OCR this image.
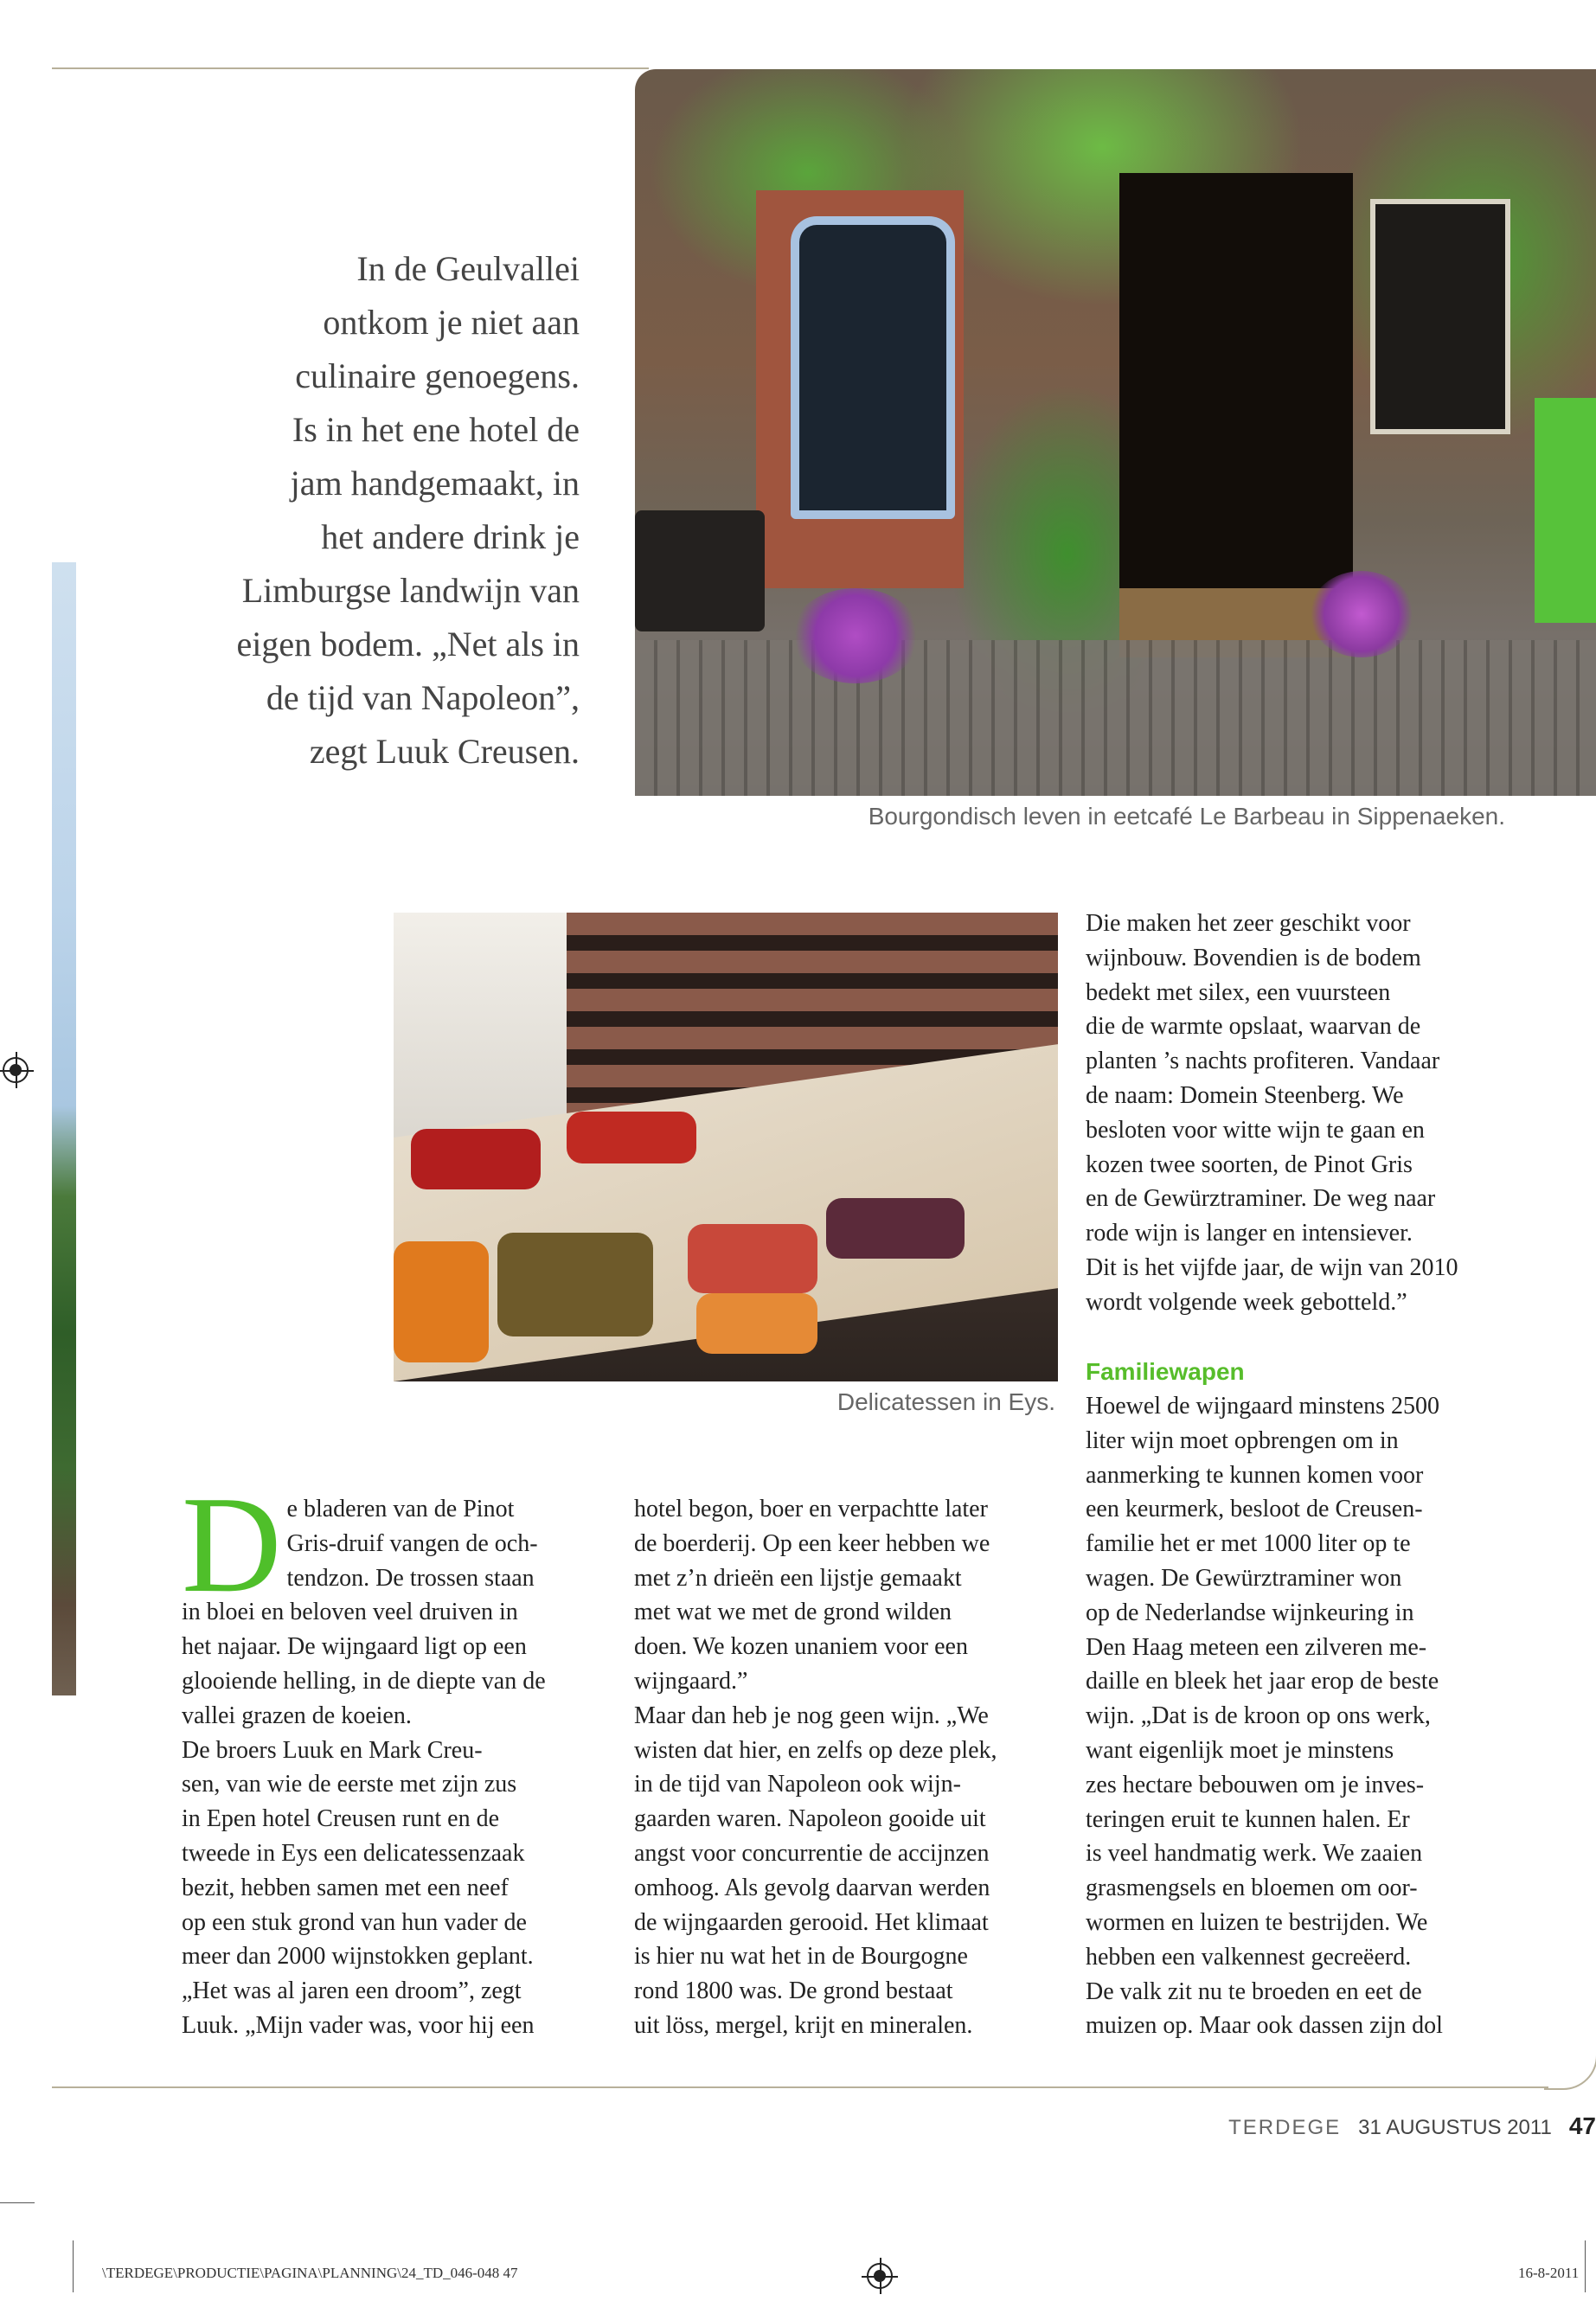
In de Geulvallei
ontkom je niet aan
culinaire genoegens.
Is in het ene hotel de
jam handgemaakt, in
het andere drink je
Limburgse landwijn van
eigen bodem. „Net als in
de tijd van Napoleon”,
zegt Luuk Creusen.
Bourgondisch leven in eetcafé Le Barbeau in Sippenaeken.
Delicatessen in Eys.
Die maken het zeer geschikt voor
wijnbouw. Bovendien is de bodem
bedekt met silex, een vuursteen
die de warmte opslaat, waarvan de
planten ’s nachts profiteren. Vandaar
de naam: Domein Steenberg. We
besloten voor witte wijn te gaan en
kozen twee soorten, de Pinot Gris
en de Gewürztraminer. De weg naar
rode wijn is langer en intensiever.
Dit is het vijfde jaar, de wijn van 2010
wordt volgende week gebotteld.”
Familiewapen
Hoewel de wijngaard minstens 2500
liter wijn moet opbrengen om in
aanmerking te kunnen komen voor
een keurmerk, besloot de Creusen-
familie het er met 1000 liter op te
wagen. De Gewürztraminer won
op de Nederlandse wijnkeuring in
Den Haag meteen een zilveren me-
daille en bleek het jaar erop de beste
wijn. „Dat is de kroon op ons werk,
want eigenlijk moet je minstens
zes hectare bebouwen om je inves-
teringen eruit te kunnen halen. Er
is veel handmatig werk. We zaaien
grasmengsels en bloemen om oor-
wormen en luizen te bestrijden. We
hebben een valkennest gecreëerd.
De valk zit nu te broeden en eet de
muizen op. Maar ook dassen zijn dol
D e bladeren van de Pinot
Gris-druif vangen de och-
tendzon. De trossen staan
in bloei en beloven veel druiven in
het najaar. De wijngaard ligt op een
glooiende helling, in de diepte van de
vallei grazen de koeien.
De broers Luuk en Mark Creu-
sen, van wie de eerste met zijn zus
in Epen hotel Creusen runt en de
tweede in Eys een delicatessenzaak
bezit, hebben samen met een neef
op een stuk grond van hun vader de
meer dan 2000 wijnstokken geplant.
„Het was al jaren een droom”, zegt
Luuk. „Mijn vader was, voor hij een
hotel begon, boer en verpachtte later
de boerderij. Op een keer hebben we
met z’n drieën een lijstje gemaakt
met wat we met de grond wilden
doen. We kozen unaniem voor een
wijngaard.”
Maar dan heb je nog geen wijn. „We
wisten dat hier, en zelfs op deze plek,
in de tijd van Napoleon ook wijn-
gaarden waren. Napoleon gooide uit
angst voor concurrentie de accijnzen
omhoog. Als gevolg daarvan werden
de wijngaarden gerooid. Het klimaat
is hier nu wat het in de Bourgogne
rond 1800 was. De grond bestaat
uit löss, mergel, krijt en mineralen.
TERDEGE 31 AUGUSTUS 2011 47
\TERDEGE\PRODUCTIE\PAGINA\PLANNING\24_TD_046-048 47	16-8-2011
